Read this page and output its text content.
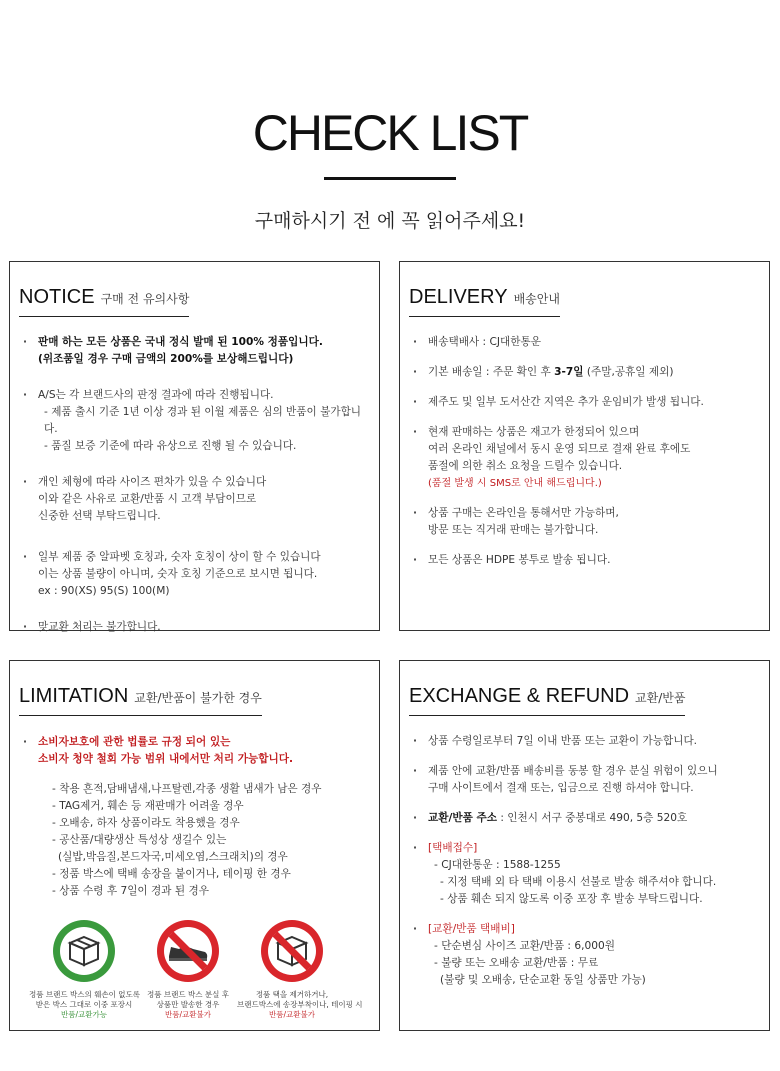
CHECK LIST
구매하시기 전 에 꼭 읽어주세요!
NOTICE 구매 전 유의사항
· 판매 하는 모든 상품은 국내 정식 발매 된 100% 정품입니다.
(위조품일 경우 구매 금액의 200%를 보상해드립니다)
· A/S는 각 브랜드사의 판정 결과에 따라 진행됩니다.

- 제품 출시 기준 1년 이상 경과 된 이월 제품은 심의 반품이 불가합니다.
- 품질 보증 기준에 따라 유상으로 진행 될 수 있습니다.
· 개인 체형에 따라 사이즈 편차가 있을 수 있습니다
이와 같은 사유로 교환/반품 시 고객 부담이므로
신중한 선택 부탁드립니다.
· 일부 제품 중 알파벳 호칭과, 숫자 호칭이 상이 할 수 있습니다
이는 상품 불량이 아니며, 숫자 호칭 기준으로 보시면 됩니다.
ex : 90(XS) 95(S) 100(M)
· 맞교환 처리는 불가합니다.
DELIVERY 배송안내
· 배송택배사 : CJ대한통운
· 기본 배송일 : 주문 확인 후 3-7일 (주말,공휴일 제외)
· 제주도 및 일부 도서산간 지역은 추가 운임비가 발생 됩니다.
· 현재 판매하는 상품은 재고가 한정되어 있으며
여러 온라인 채널에서 동시 운영 되므로 결재 완료 후에도
품절에 의한 취소 요청을 드릴수 있습니다.
(품절 발생 시 SMS로 안내 해드립니다.)
· 상품 구매는 온라인을 통해서만 가능하며,
방문 또는 직거래 판매는 불가합니다.
· 모든 상품은 HDPE 봉투로 발송 됩니다.
LIMITATION 교환/반품이 불가한 경우
· 소비자보호에 관한 법률로 규정 되어 있는
소비자 청약 철회 가능 범위 내에서만 처리 가능합니다.
- 착용 흔적,담배냄새,나프탈렌,각종 생활 냄새가 남은 경우
- TAG제거, 훼손 등 재판매가 어려울 경우
- 오배송, 하자 상품이라도 착용했을 경우
- 공산품/대량생산 특성상 생길수 있는
(실밥,박음질,본드자국,미세오염,스크래치)의 경우
- 정품 박스에 택배 송장을 붙이거나, 테이핑 한 경우
- 상품 수령 후 7일이 경과 된 경우
정품 브랜드 박스의 훼손이 없도록
받은 박스 그대로 이중 포장시
반품/교환가능
정품 브랜드 박스 분실 후
상품만 발송한 경우
반품/교환불가
정품 택을 제거하거나,
브랜드박스에 송장부착이나, 테이핑 시
반품/교환불가
EXCHANGE & REFUND 교환/반품
· 상품 수령일로부터 7일 이내 반품 또는 교환이 가능합니다.
· 제품 안에 교환/반품 배송비를 동봉 할 경우 분실 위험이 있으니
구매 사이트에서 결재 또는, 입금으로 진행 하셔야 합니다.
· 교환/반품 주소 : 인천시 서구 중봉대로 490, 5층 520호
· [택배접수]

- CJ대한통운 : 1588-1255
- 지정 택배 외 타 택배 이용시 선불로 발송 해주셔야 합니다.
- 상품 훼손 되지 않도록 이중 포장 후 발송 부탁드립니다.
· [교환/반품 택배비]

- 단순변심 사이즈 교환/반품 : 6,000원
- 불량 또는 오배송 교환/반품 : 무료
(불량 및 오배송, 단순교환 동일 상품만 가능)
